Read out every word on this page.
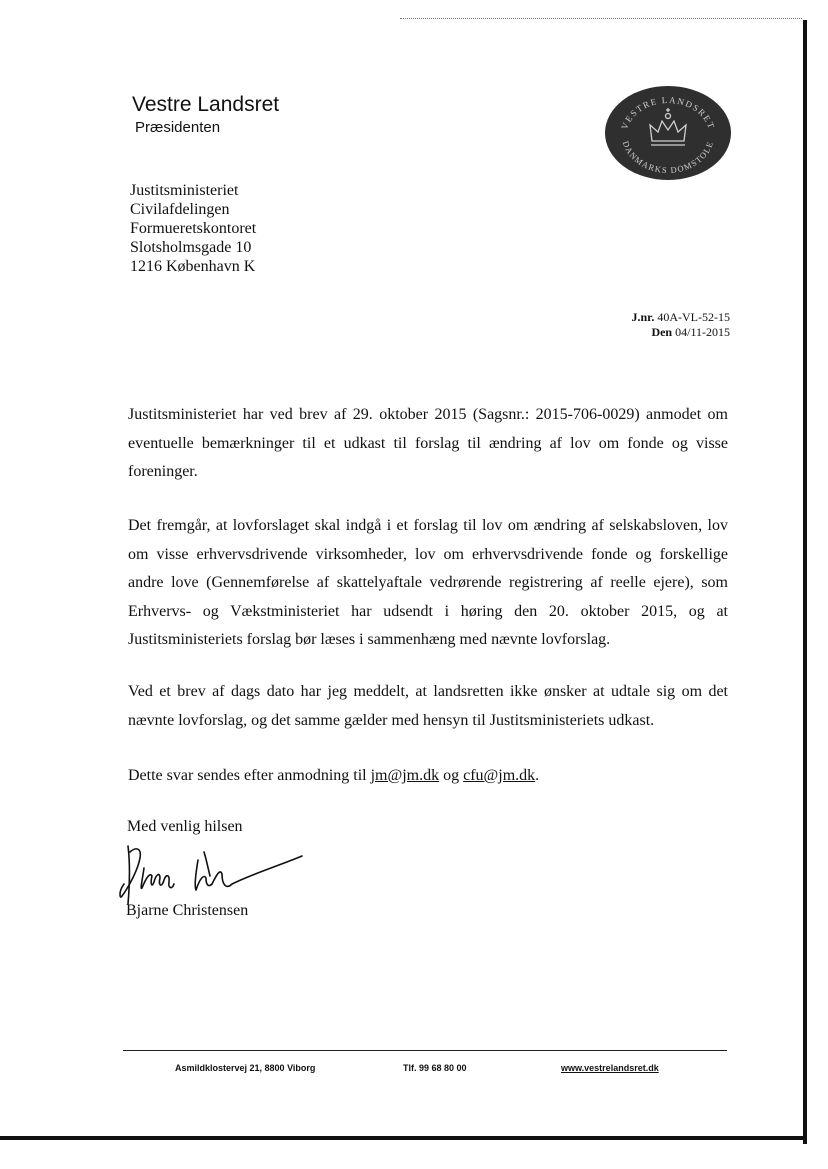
Vestre Landsret
Præsidenten	VESTRE LANDSRET
DANMARKS DOMSTOLE
Justitsministeriet
Civilafdelingen
Formueretskontoret
Slotsholmsgade 10
1216 København K
J.nr. 40A-VL-52-15
Den 04/11-2015
Justitsministeriet har ved brev af 29. oktober 2015 (Sagsnr.: 2015-706-0029) anmodet om eventuelle bemærkninger til et udkast til forslag til ændring af lov om fonde og visse foreninger.
Det fremgår, at lovforslaget skal indgå i et forslag til lov om ændring af selskabsloven, lov om visse erhvervsdrivende virksomheder, lov om erhvervsdrivende fonde og forskellige andre love (Gennemførelse af skattelyaftale vedrørende registrering af reelle ejere), som Erhvervs- og Vækstministeriet har udsendt i høring den 20. oktober 2015, og at Justitsministeriets forslag bør læses i sammenhæng med nævnte lovforslag.
Ved et brev af dags dato har jeg meddelt, at landsretten ikke ønsker at udtale sig om det nævnte lovforslag, og det samme gælder med hensyn til Justitsministeriets udkast.
Dette svar sendes efter anmodning til jm@jm.dk og cfu@jm.dk.
Med venlig hilsen
Bjarne Christensen
Asmildklostervej 21, 8800 Viborg	Tlf. 99 68 80 00	www.vestrelandsret.dk
